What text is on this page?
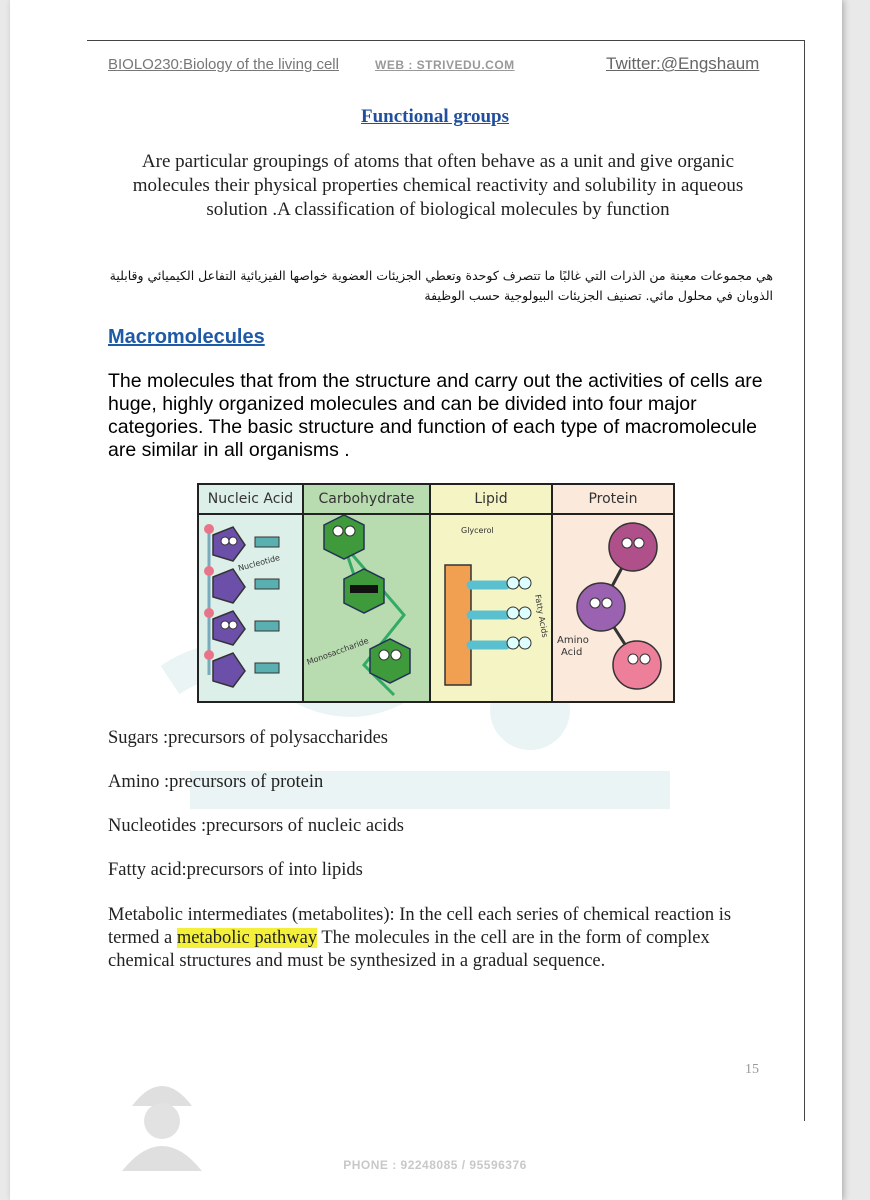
BIOLO230:Biology of the living cell	WEB : STRIVEDU.COM	Twitter:@Engshaum
Functional groups
Are particular groupings of atoms that often behave as a unit and give organic molecules their physical properties chemical reactivity and solubility in aqueous solution .A classification of biological molecules by function
هي مجموعات معينة من الذرات التي غالبًا ما تتصرف كوحدة وتعطي الجزيئات العضوية خواصها الفيزيائية التفاعل الكيميائي وقابلية الذوبان في محلول مائي. تصنيف الجزيئات البيولوجية حسب الوظيفة
Macromolecules
The molecules that from the structure and carry out the activities of cells are huge, highly organized molecules and can be divided into four major categories. The basic structure and function of each type of macromolecule are similar in all organisms .
Nucleic Acid
Nucleotide
Carbohydrate
Monosaccharide
Lipid
Glycerol
Fatty Acids
Protein
Amino
Acid
Sugars :precursors of polysaccharides
Amino :precursors of protein
Nucleotides :precursors of nucleic acids
Fatty acid:precursors of into lipids
Metabolic intermediates (metabolites): In the cell each series of chemical reaction is termed a metabolic pathway The molecules in the cell are in the form of complex chemical structures and must be synthesized in a gradual sequence.
15
PHONE : 92248085 / 95596376
